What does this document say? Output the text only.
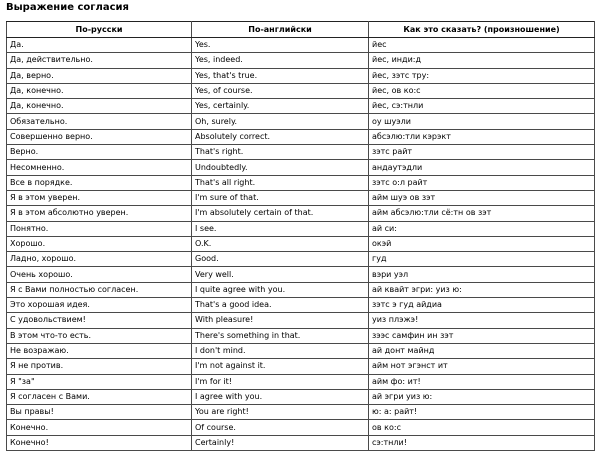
Выражение согласия
По-русски	По-английски	Как это сказать? (произношение)
Да.	Yes.	йес
Да, действительно.	Yes, indeed.	йес, инди:д
Да, верно.	Yes, that's true.	йес, зэтс тру:
Да, конечно.	Yes, of course.	йес, ов ко:с
Да, конечно.	Yes, certainly.	йес, сэ:тнли
Обязательно.	Oh, surely.	оу шуэли
Совершенно верно.	Absolutely correct.	абсэлю:тли кэрэкт
Верно.	That's right.	зэтс райт
Несомненно.	Undoubtedly.	андаутэдли
Все в порядке.	That's all right.	зэтс о:л райт
Я в этом уверен.	I'm sure of that.	айм шуэ ов зэт
Я в этом абсолютно уверен.	I'm absolutely certain of that.	айм абсэлю:тли сё:тн ов зэт
Понятно.	I see.	ай си:
Хорошо.	O.K.	окэй
Ладно, хорошо.	Good.	гуд
Очень хорошо.	Very well.	вэри уэл
Я с Вами полностью согласен.	I quite agree with you.	ай квайт эгри: уиз ю:
Это хорошая идея.	That's a good idea.	зэтс э гуд айдиа
С удовольствием!	With pleasure!	уиз плэжэ!
В этом что-то есть.	There's something in that.	зээс самфин ин зэт
Не возражаю.	I don't mind.	ай донт майнд
Я не против.	I'm not against it.	айм нот эгэнст ит
Я "за"	I'm for it!	айм фо: ит!
Я согласен с Вами.	I agree with you.	ай эгри уиз ю:
Вы правы!	You are right!	ю: а: райт!
Конечно.	Of course.	ов ко:с
Конечно!	Certainly!	сэ:тнли!
